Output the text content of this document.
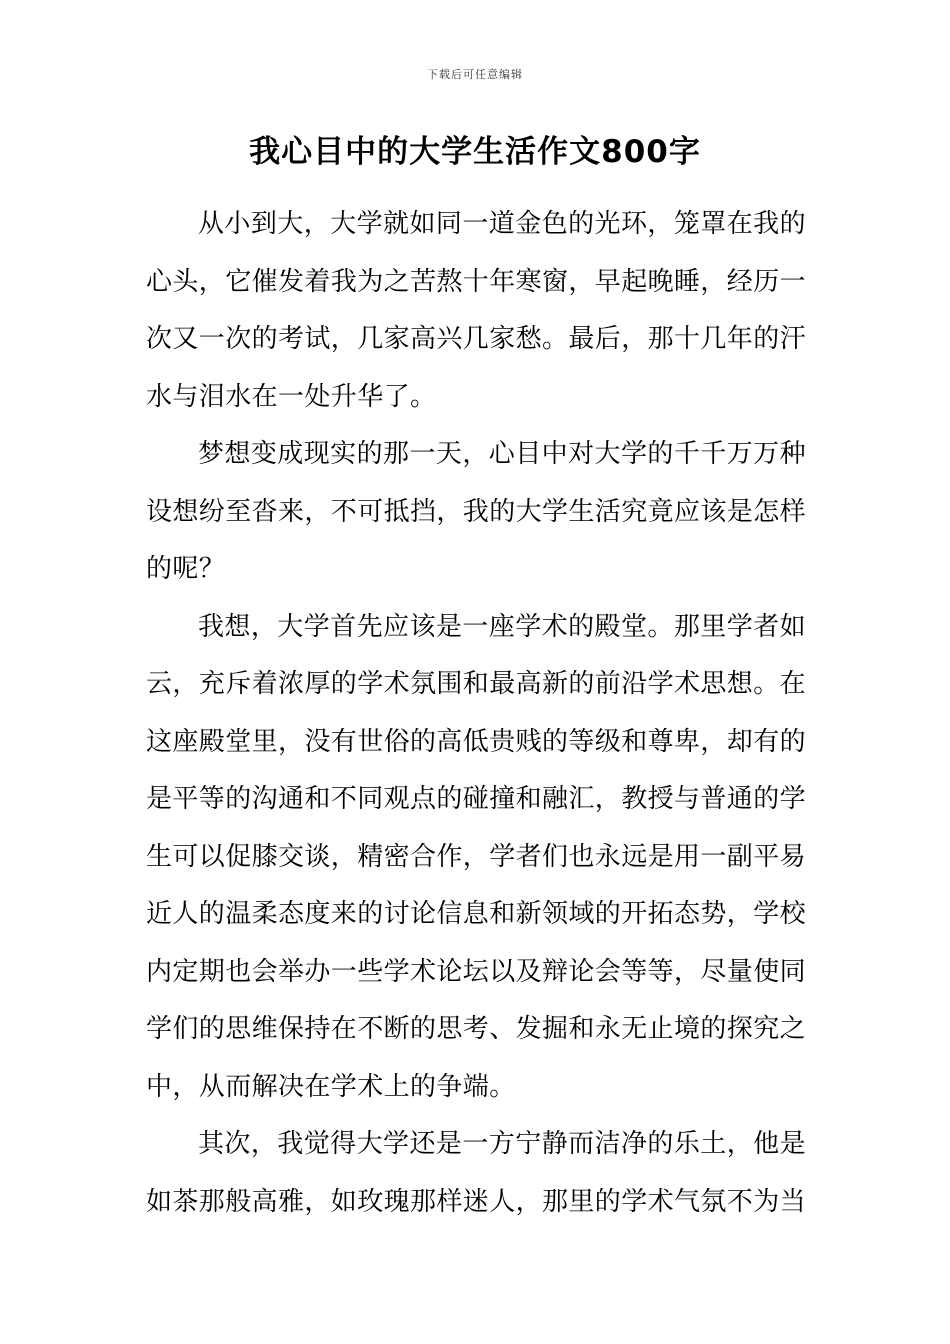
下载后可任意编辑
我心目中的大学生活作文800字

从小到大，大学就如同一道金色的光环，笼罩在我的心头，它催发着我为之苦熬十年寒窗，早起晚睡，经历一次又一次的考试，几家高兴几家愁。最后，那十几年的汗水与泪水在一处升华了。

梦想变成现实的那一天，心目中对大学的千千万万种设想纷至沓来，不可抵挡，我的大学生活究竟应该是怎样的呢？

我想，大学首先应该是一座学术的殿堂。那里学者如云，充斥着浓厚的学术氛围和最高新的前沿学术思想。在这座殿堂里，没有世俗的高低贵贱的等级和尊卑，却有的是平等的沟通和不同观点的碰撞和融汇，教授与普通的学生可以促膝交谈，精密合作，学者们也永远是用一副平易近人的温柔态度来的讨论信息和新领域的开拓态势，学校内定期也会举办一些学术论坛以及辩论会等等，尽量使同学们的思维保持在不断的思考、发掘和永无止境的探究之中，从而解决在学术上的争端。

其次，我觉得大学还是一方宁静而洁净的乐土，他是如茶那般高雅，如玫瑰那样迷人，那里的学术气氛不为当
